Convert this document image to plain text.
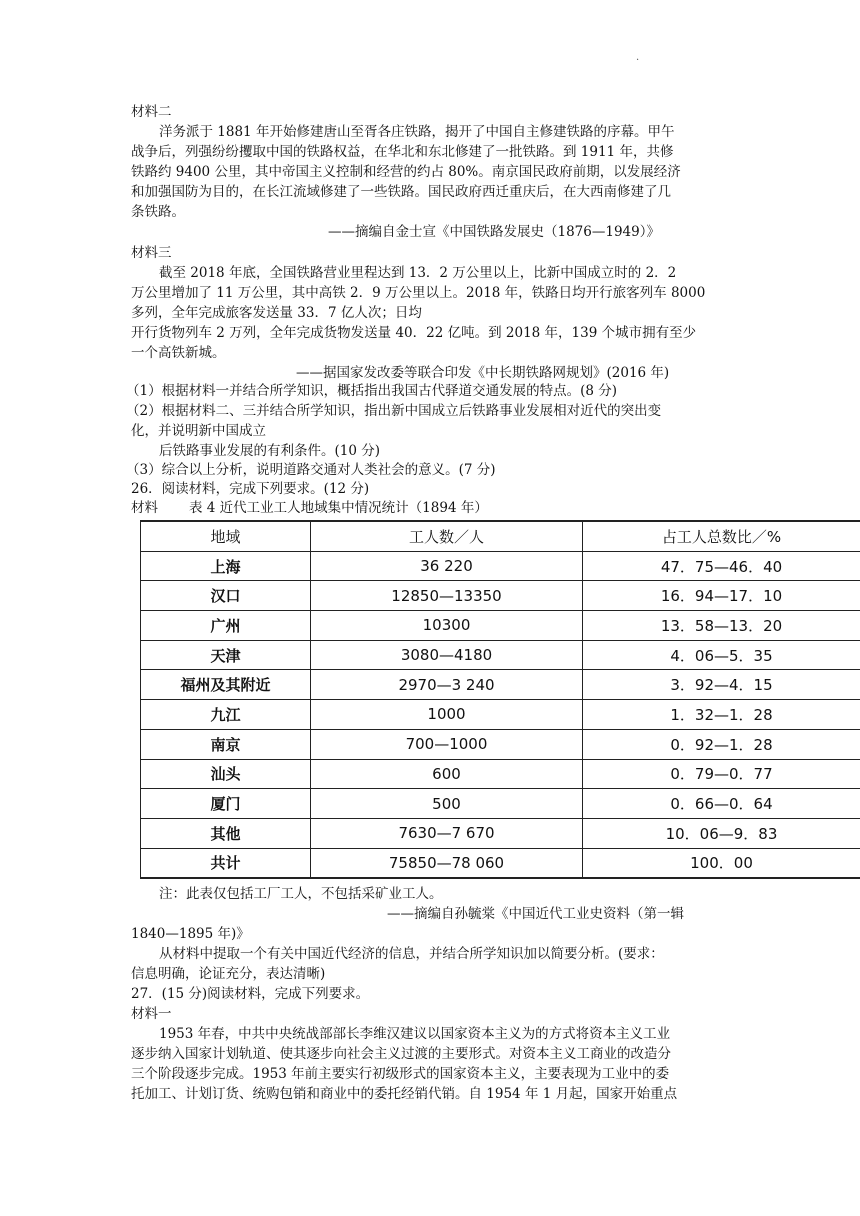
.
材料二
洋务派于 1881 年开始修建唐山至胥各庄铁路，揭开了中国自主修建铁路的序幕。甲午
战争后，列强纷纷攫取中国的铁路权益，在华北和东北修建了一批铁路。到 1911 年，共修
铁路约 9400 公里，其中帝国主义控制和经营的约占 80%。南京国民政府前期，以发展经济
和加强国防为目的，在长江流域修建了一些铁路。国民政府西迁重庆后，在大西南修建了几
条铁路。
——摘编自金士宣《中国铁路发展史（1876—1949）》
材料三
截至 2018 年底，全国铁路营业里程达到 13．2 万公里以上，比新中国成立时的 2．2
万公里增加了 11 万公里，其中高铁 2．9 万公里以上。2018 年，铁路日均开行旅客列车 8000
多列，全年完成旅客发送量 33．7 亿人次；日均
开行货物列车 2 万列，全年完成货物发送量 40．22 亿吨。到 2018 年，139 个城市拥有至少
一个高铁新城。
——据国家发改委等联合印发《中长期铁路网规划》(2016 年)
（1）根据材料一并结合所学知识，概括指出我国古代驿道交通发展的特点。(8 分)
（2）根据材料二、三并结合所学知识，指出新中国成立后铁路事业发展相对近代的突出变
化，并说明新中国成立
后铁路事业发展的有利条件。(10 分)
（3）综合以上分析，说明道路交通对人类社会的意义。(7 分)
26．阅读材料，完成下列要求。(12 分)
材料 表 4 近代工业工人地域集中情况统计（1894 年）
地域	工人数／人	占工人总数比／%
上海	36 220	47．75—46．40
汉口	12850—13350	16．94—17．10
广州	10300	13．58—13．20
天津	3080—4180	4．06—5．35
福州及其附近	2970—3 240	3．92—4．15
九江	1000	1．32—1．28
南京	700—1000	0．92—1．28
汕头	600	0．79—0．77
厦门	500	0．66—0．64
其他	7630—7 670	10．06—9．83
共计	75850—78 060	100．00
注：此表仅包括工厂工人，不包括采矿业工人。
——摘编自孙毓棠《中国近代工业史资料（第一辑
1840—1895 年)》
从材料中提取一个有关中国近代经济的信息，并结合所学知识加以简要分析。(要求：
信息明确，论证充分，表达清晰)
27．(15 分)阅读材料，完成下列要求。
材料一
1953 年春，中共中央统战部部长李维汉建议以国家资本主义为的方式将资本主义工业
逐步纳入国家计划轨道、使其逐步向社会主义过渡的主要形式。对资本主义工商业的改造分
三个阶段逐步完成。1953 年前主要实行初级形式的国家资本主义，主要表现为工业中的委
托加工、计划订货、统购包销和商业中的委托经销代销。自 1954 年 1 月起，国家开始重点
